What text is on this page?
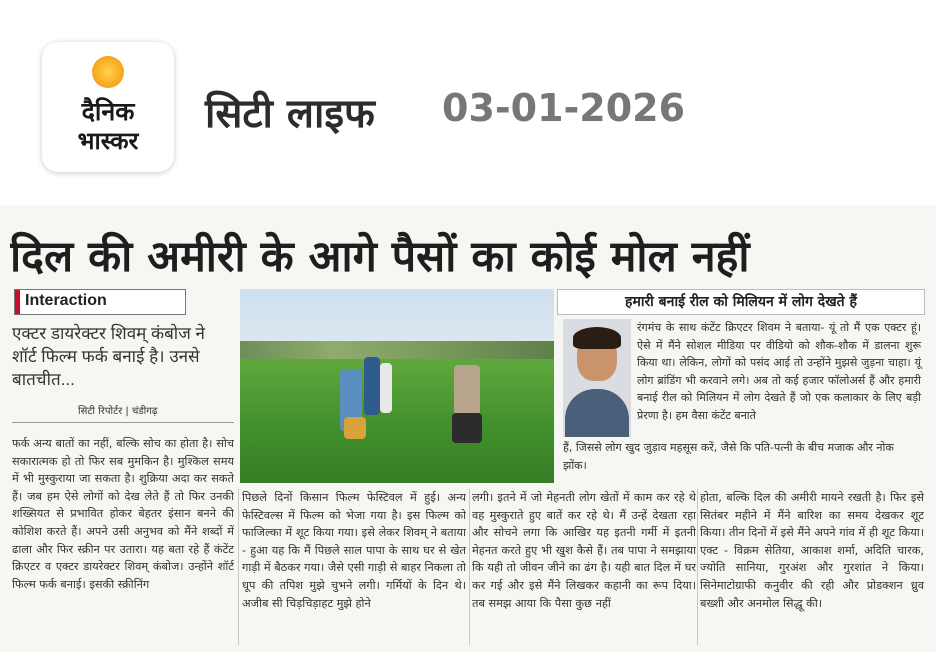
दैनिक
भास्कर
सिटी लाइफ 03-01-2026
दिल की अमीरी के आगे पैसों का कोई मोल नहीं
Interaction
एक्टर डायरेक्टर शिवम् कंबोज ने शॉर्ट फिल्म फर्क बनाई है। उनसे बातचीत...
सिटी रिपोर्टर | चंडीगढ़
हमारी बनाई रील को मिलियन में लोग देखते हैं
रंगमंच के साथ कंटेंट क्रिएटर शिवम ने बताया- यूं तो मैं एक एक्टर हूं। ऐसे में मैंने सोशल मीडिया पर वीडियो को शौक-शौक में डालना शुरू किया था। लेकिन, लोगों को पसंद आई तो उन्होंने मुझसे जुड़ना चाहा। यूं लोग ब्रांडिंग भी करवाने लगे। अब तो कई हजार फॉलोअर्स हैं और हमारी बनाई रील को मिलियन में लोग देखते हैं जो एक कलाकार के लिए बड़ी प्रेरणा है। हम वैसा कंटेंट बनाते
हैं, जिससे लोग खुद जुड़ाव महसूस करें, जैसे कि पति-पत्नी के बीच मजाक और नोक झोंक।
फर्क अन्य बातों का नहीं, बल्कि सोच का होता है। सोच सकारात्मक हो तो फिर सब मुमकिन है। मुश्किल समय में भी मुस्कुराया जा सकता है। शुक्रिया अदा कर सकते हैं। जब हम ऐसे लोगों को देख लेते हैं तो फिर उनकी शख्सियत से प्रभावित होकर बेहतर इंसान बनने की कोशिश करते हैं। अपने उसी अनुभव को मैंने शब्दों में ढाला और फिर स्क्रीन पर उतारा। यह बता रहे हैं कंटेंट क्रिएटर व एक्टर डायरेक्टर शिवम् कंबोज। उन्होंने शॉर्ट फिल्म फर्क बनाई। इसकी स्क्रीनिंग
पिछले दिनों किसान फिल्म फेस्टिवल में हुई। अन्य फेस्टिवल्स में फिल्म को भेजा गया है। इस फिल्म को फाजिल्का में शूट किया गया। इसे लेकर शिवम् ने बताया - हुआ यह कि मैं पिछले साल पापा के साथ घर से खेत गाड़ी में बैठकर गया। जैसे एसी गाड़ी से बाहर निकला तो धूप की तपिश मुझे चुभने लगी। गर्मियों के दिन थे। अजीब सी चिड़चिड़ाहट मुझे होने
लगी। इतने में जो मेहनती लोग खेतों में काम कर रहे थे वह मुस्कुराते हुए बातें कर रहे थे। मैं उन्हें देखता रहा और सोचने लगा कि आखिर यह इतनी गर्मी में इतनी मेहनत करते हुए भी खुश कैसे हैं। तब पापा ने समझाया कि यही तो जीवन जीने का ढंग है। यही बात दिल में घर कर गई और इसे मैंने लिखकर कहानी का रूप दिया। तब समझ आया कि पैसा कुछ नहीं
होता, बल्कि दिल की अमीरी मायने रखती है। फिर इसे सितंबर महीने में मैंने बारिश का समय देखकर शूट किया। तीन दिनों में इसे मैंने अपने गांव में ही शूट किया। एक्ट - विक्रम सेतिया, आकाश शर्मा, अदिति चारक, ज्योति सानिया, गुरअंश और गुरशांत ने किया। सिनेमाटोग्राफी कनुवीर की रही और प्रोडक्शन ध्रुव बख्शी और अनमोल सिद्धू की।
